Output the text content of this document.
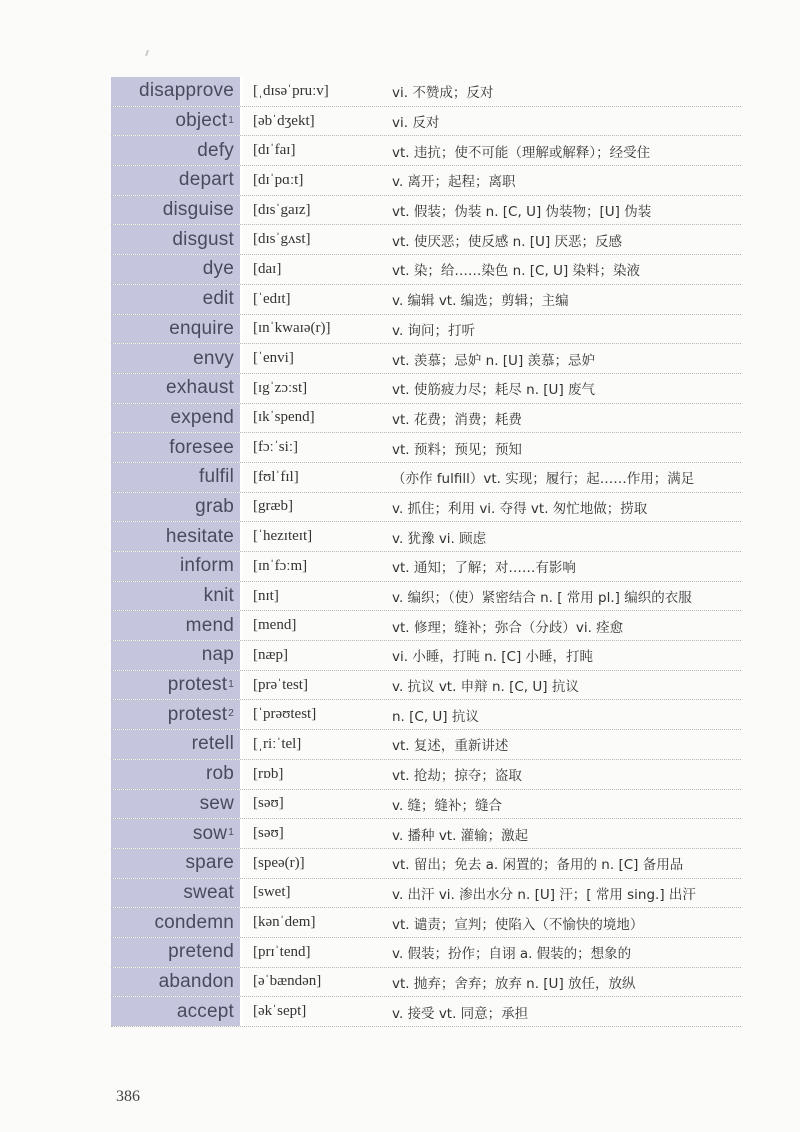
disapprove	[ˌdɪsəˈpruːv]	vi. 不赞成；反对
object$^1$	[əbˈdʒekt]	vi. 反对
defy	[dɪˈfaɪ]	vt. 违抗；使不可能（理解或解释）；经受住
depart	[dɪˈpɑːt]	v. 离开；起程；离职
disguise	[dɪsˈgaɪz]	vt. 假装；伪装 n. [C, U] 伪装物；[U] 伪装
disgust	[dɪsˈgʌst]	vt. 使厌恶；使反感 n. [U] 厌恶；反感
dye	[daɪ]	vt. 染；给……染色 n. [C, U] 染料；染液
edit	[ˈedɪt]	v. 编辑 vt. 编选；剪辑；主编
enquire	[ɪnˈkwaɪə(r)]	v. 询问；打听
envy	[ˈenvi]	vt. 羡慕；忌妒 n. [U] 羡慕；忌妒
exhaust	[ɪgˈzɔːst]	vt. 使筋疲力尽；耗尽 n. [U] 废气
expend	[ɪkˈspend]	vt. 花费；消费；耗费
foresee	[fɔːˈsiː]	vt. 预料；预见；预知
fulfil	[fʊlˈfɪl]	（亦作 fulfill）vt. 实现；履行；起……作用；满足
grab	[græb]	v. 抓住；利用 vi. 夺得 vt. 匆忙地做；捞取
hesitate	[ˈhezɪteɪt]	v. 犹豫 vi. 顾虑
inform	[ɪnˈfɔːm]	vt. 通知；了解；对……有影响
knit	[nɪt]	v. 编织；（使）紧密结合 n. [ 常用 pl.] 编织的衣服
mend	[mend]	vt. 修理；缝补；弥合（分歧）vi. 痊愈
nap	[næp]	vi. 小睡，打盹 n. [C] 小睡，打盹
protest$^1$	[prəˈtest]	v. 抗议 vt. 申辩 n. [C, U] 抗议
protest$^2$	[ˈprəʊtest]	n. [C, U] 抗议
retell	[ˌriːˈtel]	vt. 复述，重新讲述
rob	[rɒb]	vt. 抢劫；掠夺；盗取
sew	[səʊ]	v. 缝；缝补；缝合
sow$^1$	[səʊ]	v. 播种 vt. 灌输；激起
spare	[speə(r)]	vt. 留出；免去 a. 闲置的；备用的 n. [C] 备用品
sweat	[swet]	v. 出汗 vi. 渗出水分 n. [U] 汗；[ 常用 sing.] 出汗
condemn	[kənˈdem]	vt. 谴责；宣判；使陷入（不愉快的境地）
pretend	[prɪˈtend]	v. 假装；扮作；自诩 a. 假装的；想象的
abandon	[əˈbændən]	vt. 抛弃；舍弃；放弃 n. [U] 放任，放纵
accept	[əkˈsept]	v. 接受 vt. 同意；承担
386
